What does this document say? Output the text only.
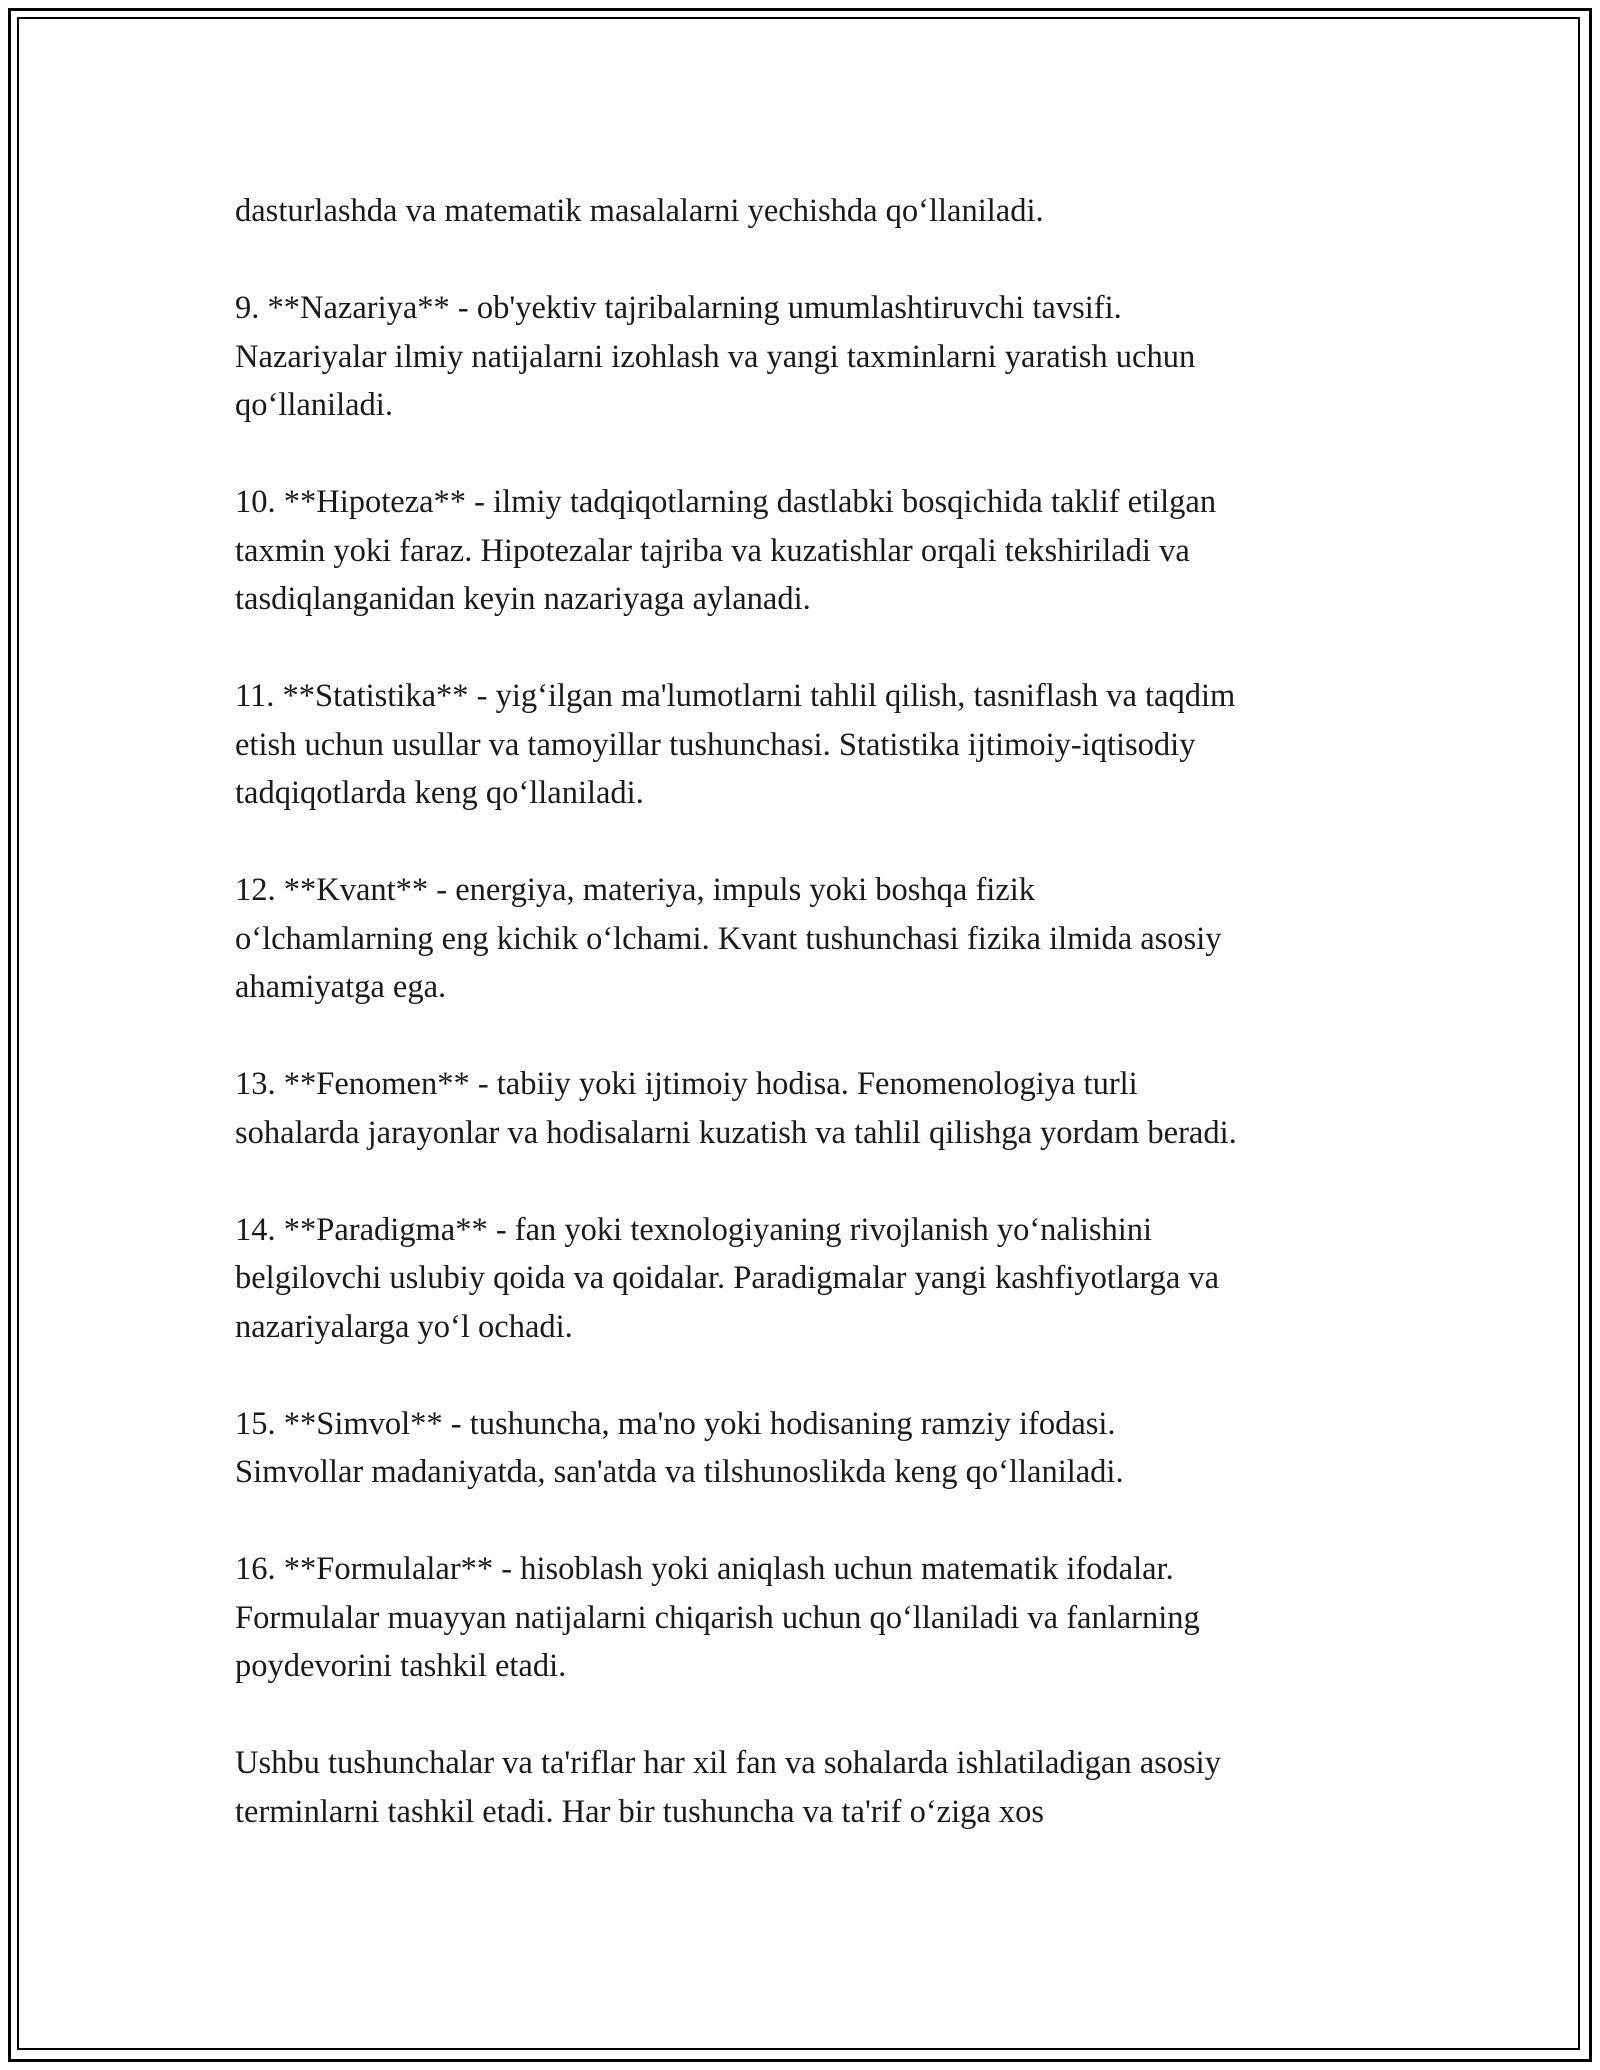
dasturlashda va matematik masalalarni yechishda qo‘llaniladi.

9. **Nazariya** - ob'yektiv tajribalarning umumlashtiruvchi tavsifi.
Nazariyalar ilmiy natijalarni izohlash va yangi taxminlarni yaratish uchun
qo‘llaniladi.

10. **Hipoteza** - ilmiy tadqiqotlarning dastlabki bosqichida taklif etilgan
taxmin yoki faraz. Hipotezalar tajriba va kuzatishlar orqali tekshiriladi va
tasdiqlanganidan keyin nazariyaga aylanadi.

11. **Statistika** - yig‘ilgan ma'lumotlarni tahlil qilish, tasniflash va taqdim
etish uchun usullar va tamoyillar tushunchasi. Statistika ijtimoiy-iqtisodiy
tadqiqotlarda keng qo‘llaniladi.

12. **Kvant** - energiya, materiya, impuls yoki boshqa fizik
o‘lchamlarning eng kichik o‘lchami. Kvant tushunchasi fizika ilmida asosiy
ahamiyatga ega.

13. **Fenomen** - tabiiy yoki ijtimoiy hodisa. Fenomenologiya turli
sohalarda jarayonlar va hodisalarni kuzatish va tahlil qilishga yordam beradi.

14. **Paradigma** - fan yoki texnologiyaning rivojlanish yo‘nalishini
belgilovchi uslubiy qoida va qoidalar. Paradigmalar yangi kashfiyotlarga va
nazariyalarga yo‘l ochadi.

15. **Simvol** - tushuncha, ma'no yoki hodisaning ramziy ifodasi.
Simvollar madaniyatda, san'atda va tilshunoslikda keng qo‘llaniladi.

16. **Formulalar** - hisoblash yoki aniqlash uchun matematik ifodalar.
Formulalar muayyan natijalarni chiqarish uchun qo‘llaniladi va fanlarning
poydevorini tashkil etadi.

Ushbu tushunchalar va ta'riflar har xil fan va sohalarda ishlatiladigan asosiy
terminlarni tashkil etadi. Har bir tushuncha va ta'rif o‘ziga xos
